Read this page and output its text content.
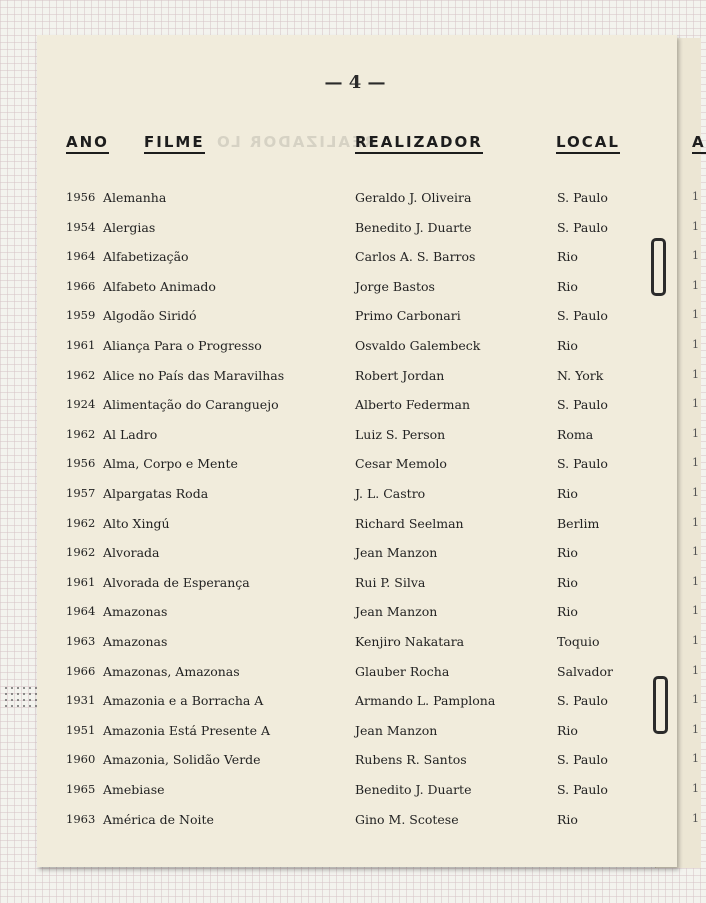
REALIZADOR LO
— 4 —
ANO FILME	REALIZADOR	LOCAL	A
1956 Alemanha	Geraldo J. Oliveira	S. Paulo	1
1954 Alergias	Benedito J. Duarte	S. Paulo	1
1964 Alfabetização	Carlos A. S. Barros	Rio	1
1966 Alfabeto Animado	Jorge Bastos	Rio	1
1959 Algodão Siridó	Primo Carbonari	S. Paulo	1
1961 Aliança Para o Progresso	Osvaldo Galembeck	Rio	1
1962 Alice no País das Maravilhas	Robert Jordan	N. York	1
1924 Alimentação do Caranguejo	Alberto Federman	S. Paulo	1
1962 Al Ladro	Luiz S. Person	Roma	1
1956 Alma, Corpo e Mente	Cesar Memolo	S. Paulo	1
1957 Alpargatas Roda	J. L. Castro	Rio	1
1962 Alto Xingú	Richard Seelman	Berlim	1
1962 Alvorada	Jean Manzon	Rio	1
1961 Alvorada de Esperança	Rui P. Silva	Rio	1
1964 Amazonas	Jean Manzon	Rio	1
1963 Amazonas	Kenjiro Nakatara	Toquio	1
1966 Amazonas, Amazonas	Glauber Rocha	Salvador	1
1931 Amazonia e a Borracha A	Armando L. Pamplona	S. Paulo	1
1951 Amazonia Está Presente A	Jean Manzon	Rio	1
1960 Amazonia, Solidão Verde	Rubens R. Santos	S. Paulo	1
1965 Amebiase	Benedito J. Duarte	S. Paulo	1
1963 América de Noite	Gino M. Scotese	Rio	1
